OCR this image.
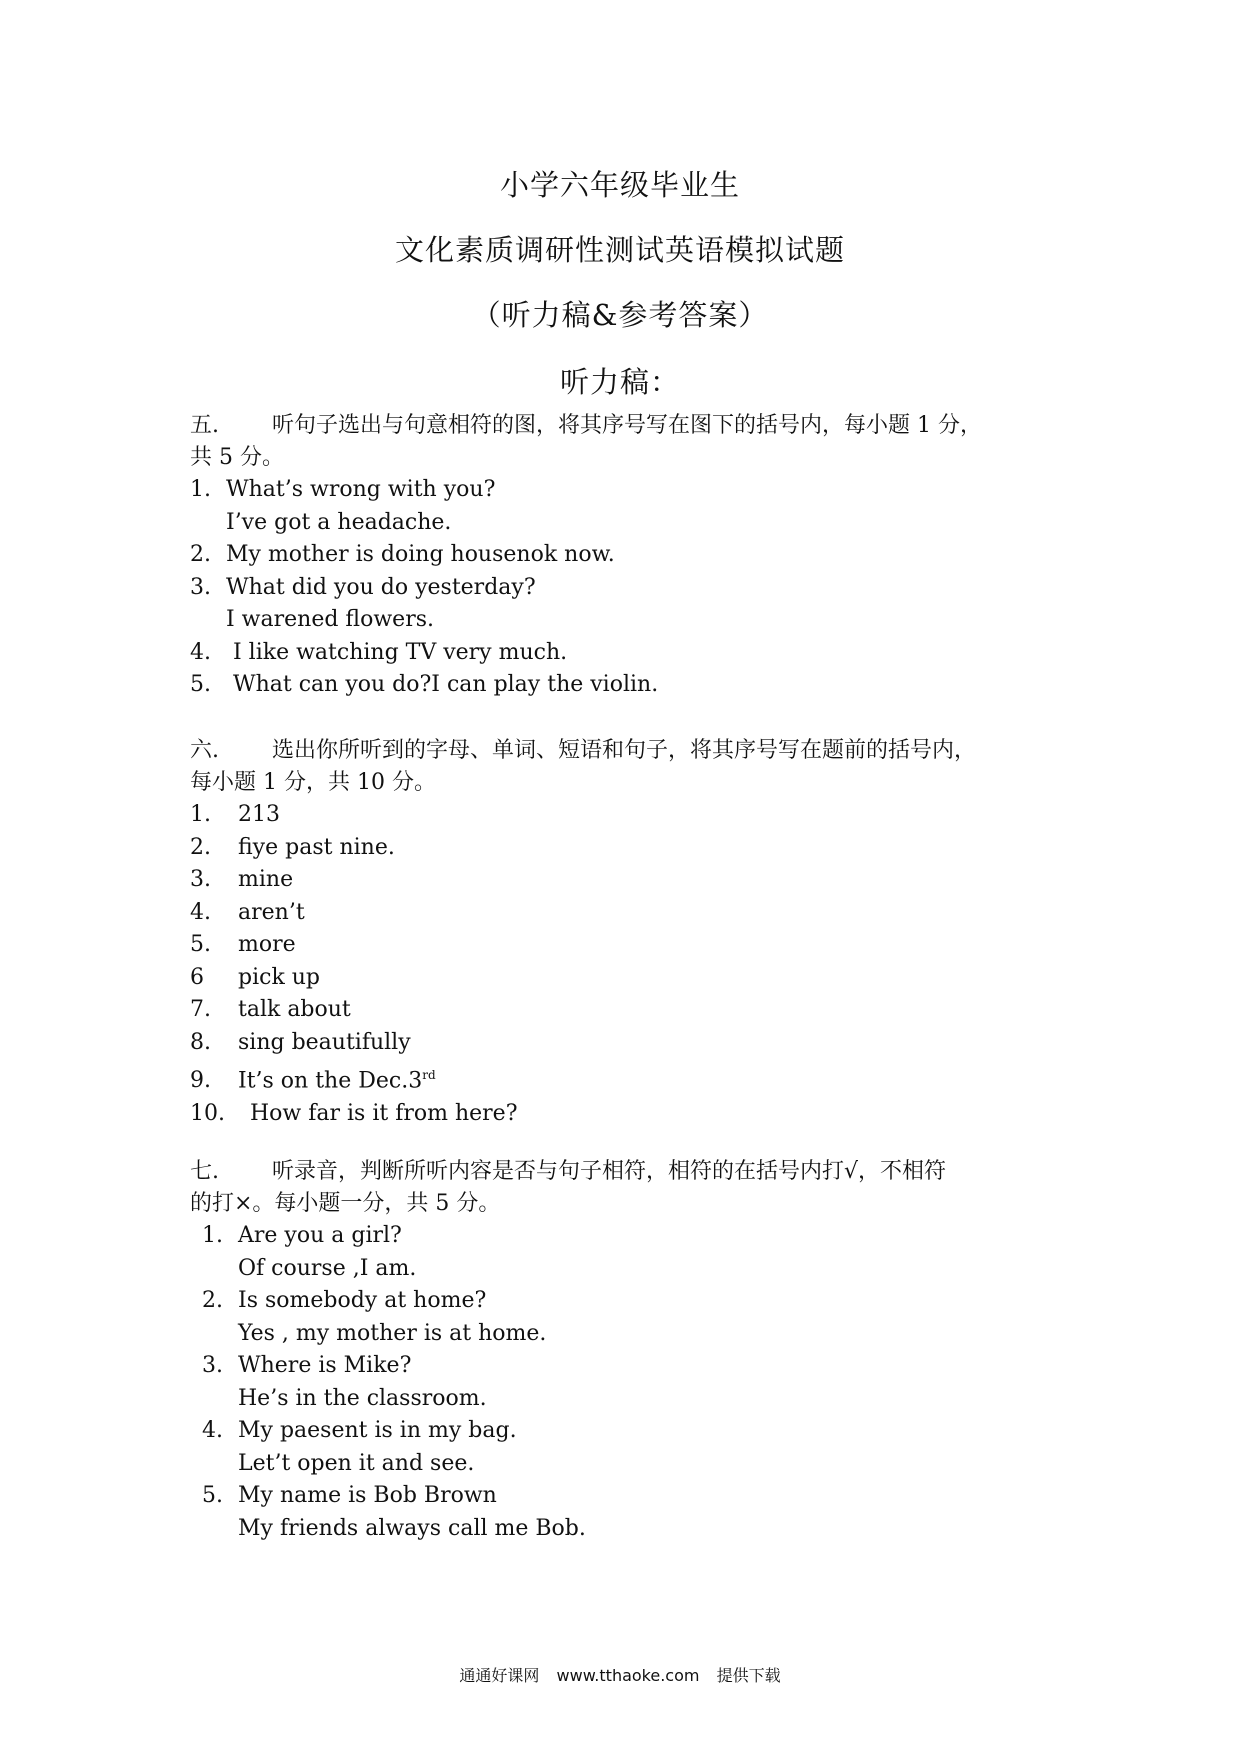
小学六年级毕业生
文化素质调研性测试英语模拟试题
（听力稿&参考答案）
听力稿：
五. 听句子选出与句意相符的图，将其序号写在图下的括号内，每小题 1 分，
共 5 分。
1. What’s wrong with you?
I’ve got a headache.
2. My mother is doing housenok now.
3. What did you do yesterday?
I warened flowers.
4. I like watching TV very much.
5. What can you do?I can play the violin.
六. 选出你所听到的字母、单词、短语和句子，将其序号写在题前的括号内，
每小题 1 分，共 10 分。
1. 213
2. fiye past nine.
3. mine
4. aren’t
5. more
6 pick up
7. talk about
8. sing beautifully
9. It’s on the Dec.3rd
10. How far is it from here?
七. 听录音，判断所听内容是否与句子相符，相符的在括号内打√，不相符
的打×。每小题一分，共 5 分。
1. Are you a girl?
Of course ,I am.
2. Is somebody at home?
Yes , my mother is at home.
3. Where is Mike?
He’s in the classroom.
4. My paesent is in my bag.
Let’t open it and see.
5. My name is Bob Brown
My friends always call me Bob.
通通好课网 www.tthaoke.com 提供下载
